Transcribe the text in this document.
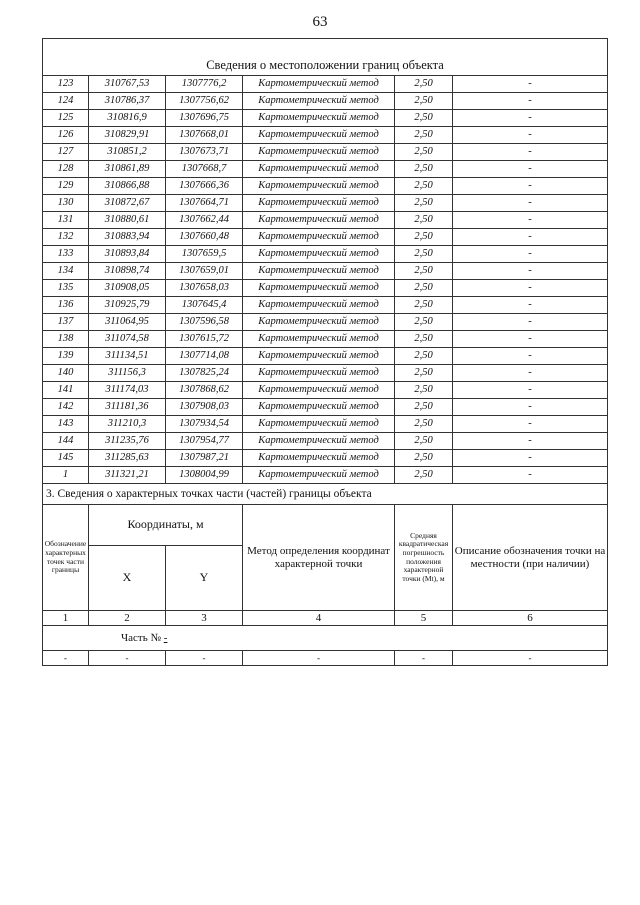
63
Сведения о местоположении границ объекта					
123	310767,53	1307776,2	Картометрический метод	2,50	-
124	310786,37	1307756,62	Картометрический метод	2,50	-
125	310816,9	1307696,75	Картометрический метод	2,50	-
126	310829,91	1307668,01	Картометрический метод	2,50	-
127	310851,2	1307673,71	Картометрический метод	2,50	-
128	310861,89	1307668,7	Картометрический метод	2,50	-
129	310866,88	1307666,36	Картометрический метод	2,50	-
130	310872,67	1307664,71	Картометрический метод	2,50	-
131	310880,61	1307662,44	Картометрический метод	2,50	-
132	310883,94	1307660,48	Картометрический метод	2,50	-
133	310893,84	1307659,5	Картометрический метод	2,50	-
134	310898,74	1307659,01	Картометрический метод	2,50	-
135	310908,05	1307658,03	Картометрический метод	2,50	-
136	310925,79	1307645,4	Картометрический метод	2,50	-
137	311064,95	1307596,58	Картометрический метод	2,50	-
138	311074,58	1307615,72	Картометрический метод	2,50	-
139	311134,51	1307714,08	Картометрический метод	2,50	-
140	311156,3	1307825,24	Картометрический метод	2,50	-
141	311174,03	1307868,62	Картометрический метод	2,50	-
142	311181,36	1307908,03	Картометрический метод	2,50	-
143	311210,3	1307934,54	Картометрический метод	2,50	-
144	311235,76	1307954,77	Картометрический метод	2,50	-
145	311285,63	1307987,21	Картометрический метод	2,50	-
1	311321,21	1308004,99	Картометрический метод	2,50	-
3. Сведения о характерных точках части (частей) границы объекта					
Обозначение характерных точек части границы	Координаты, м		Метод определения координат характерной точки	Средняя квадратическая погрешность положения характерной точки (Mt), м	Описание обозначения точки на местности (при наличии)
	X	Y			
1	2	3	4	5	6
Часть № -					
-	-	-	-	-	-
